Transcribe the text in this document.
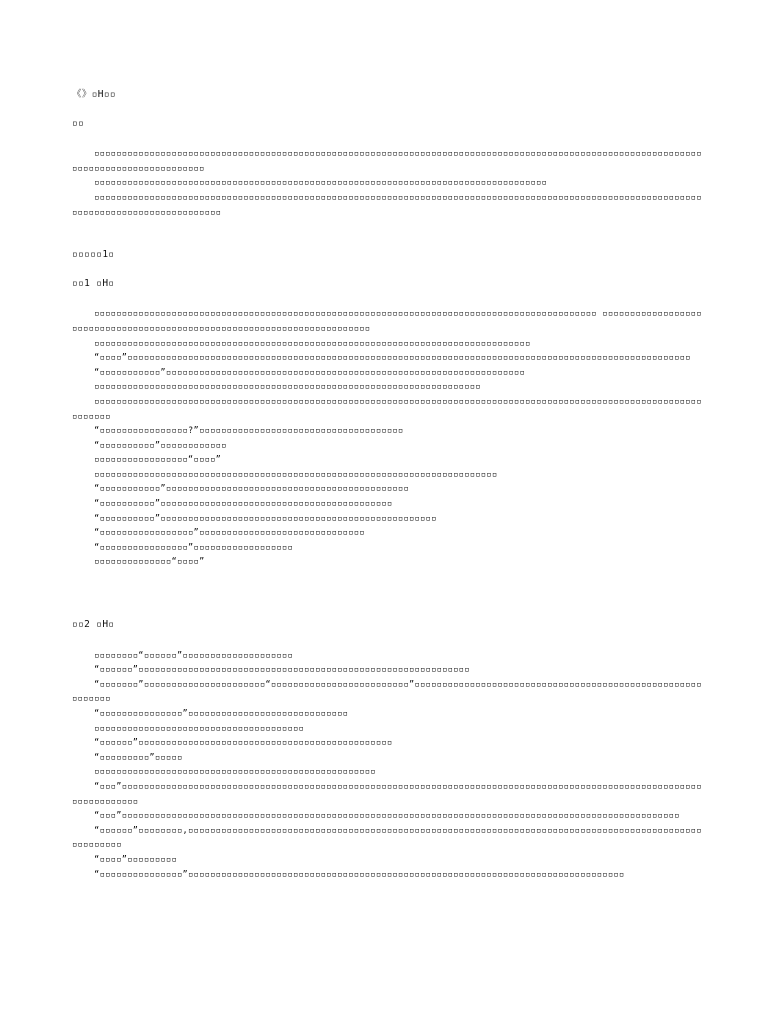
《》▫H▫▫
▫▫

▫▫▫▫▫▫▫▫▫▫▫▫▫▫▫▫▫▫▫▫▫▫▫▫▫▫▫▫▫▫▫▫▫▫▫▫▫▫▫▫▫▫▫▫▫▫▫▫▫▫▫▫▫▫▫▫▫▫▫▫▫▫▫▫▫▫▫▫▫▫▫▫▫▫▫▫▫▫▫▫▫▫▫▫▫▫▫▫▫▫▫▫▫▫▫▫▫▫▫▫▫▫▫▫▫▫▫▫▫▫▫▫▫▫▫▫▫▫▫▫▫▫▫▫▫▫▫▫▫▫▫▫▫▫

▫▫▫▫▫▫▫▫▫▫▫▫▫▫▫▫▫▫▫▫▫▫▫▫▫▫▫▫▫▫▫▫▫▫▫▫▫▫▫▫▫▫▫▫▫▫▫▫▫▫▫▫▫▫▫▫▫▫▫▫▫▫▫▫▫▫▫▫▫▫▫▫▫▫▫▫▫▫▫▫▫▫

▫▫▫▫▫▫▫▫▫▫▫▫▫▫▫▫▫▫▫▫▫▫▫▫▫▫▫▫▫▫▫▫▫▫▫▫▫▫▫▫▫▫▫▫▫▫▫▫▫▫▫▫▫▫▫▫▫▫▫▫▫▫▫▫▫▫▫▫▫▫▫▫▫▫▫▫▫▫▫▫▫▫▫▫▫▫▫▫▫▫▫▫▫▫▫▫▫▫▫▫▫▫▫▫▫▫▫▫▫▫▫▫▫▫▫▫▫▫▫▫▫▫▫▫▫▫▫▫▫▫▫▫▫▫▫▫▫

▫▫▫▫▫1▫
▫▫1 ▫H▫

▫▫▫▫▫▫▫▫▫▫▫▫▫▫▫▫▫▫▫▫▫▫▫▫▫▫▫▫▫▫▫▫▫▫▫▫▫▫▫▫▫▫▫▫▫▫▫▫▫▫▫▫▫▫▫▫▫▫▫▫▫▫▫▫▫▫▫▫▫▫▫▫▫▫▫▫▫▫▫▫▫▫▫▫▫▫▫▫▫▫▫ ▫▫▫▫▫▫▫▫▫▫▫▫▫▫▫▫▫▫▫▫▫▫▫▫▫▫▫▫▫▫▫▫▫▫▫▫▫▫▫▫▫▫▫▫▫▫▫▫▫▫▫▫▫▫▫▫▫▫▫▫▫▫▫▫▫▫▫▫▫▫▫▫

▫▫▫▫▫▫▫▫▫▫▫▫▫▫▫▫▫▫▫▫▫▫▫▫▫▫▫▫▫▫▫▫▫▫▫▫▫▫▫▫▫▫▫▫▫▫▫▫▫▫▫▫▫▫▫▫▫▫▫▫▫▫▫▫▫▫▫▫▫▫▫▫▫▫▫▫▫▫▫

“▫▫▫▫”▫▫▫▫▫▫▫▫▫▫▫▫▫▫▫▫▫▫▫▫▫▫▫▫▫▫▫▫▫▫▫▫▫▫▫▫▫▫▫▫▫▫▫▫▫▫▫▫▫▫▫▫▫▫▫▫▫▫▫▫▫▫▫▫▫▫▫▫▫▫▫▫▫▫▫▫▫▫▫▫▫▫▫▫▫▫▫▫▫▫▫▫▫▫▫▫▫▫▫▫▫▫

“▫▫▫▫▫▫▫▫▫▫▫”▫▫▫▫▫▫▫▫▫▫▫▫▫▫▫▫▫▫▫▫▫▫▫▫▫▫▫▫▫▫▫▫▫▫▫▫▫▫▫▫▫▫▫▫▫▫▫▫▫▫▫▫▫▫▫▫▫▫▫▫▫▫▫▫▫

▫▫▫▫▫▫▫▫▫▫▫▫▫▫▫▫▫▫▫▫▫▫▫▫▫▫▫▫▫▫▫▫▫▫▫▫▫▫▫▫▫▫▫▫▫▫▫▫▫▫▫▫▫▫▫▫▫▫▫▫▫▫▫▫▫▫▫▫▫▫

▫▫▫▫▫▫▫▫▫▫▫▫▫▫▫▫▫▫▫▫▫▫▫▫▫▫▫▫▫▫▫▫▫▫▫▫▫▫▫▫▫▫▫▫▫▫▫▫▫▫▫▫▫▫▫▫▫▫▫▫▫▫▫▫▫▫▫▫▫▫▫▫▫▫▫▫▫▫▫▫▫▫▫▫▫▫▫▫▫▫▫▫▫▫▫▫▫▫▫▫▫▫▫▫▫▫▫▫▫▫▫▫▫▫▫▫▫

“▫▫▫▫▫▫▫▫▫▫▫▫▫▫▫▫?”▫▫▫▫▫▫▫▫▫▫▫▫▫▫▫▫▫▫▫▫▫▫▫▫▫▫▫▫▫▫▫▫▫▫▫▫▫

“▫▫▫▫▫▫▫▫▫▫”▫▫▫▫▫▫▫▫▫▫▫▫

▫▫▫▫▫▫▫▫▫▫▫▫▫▫▫▫▫“▫▫▫▫”

▫▫▫▫▫▫▫▫▫▫▫▫▫▫▫▫▫▫▫▫▫▫▫▫▫▫▫▫▫▫▫▫▫▫▫▫▫▫▫▫▫▫▫▫▫▫▫▫▫▫▫▫▫▫▫▫▫▫▫▫▫▫▫▫▫▫▫▫▫▫▫▫▫

“▫▫▫▫▫▫▫▫▫▫▫”▫▫▫▫▫▫▫▫▫▫▫▫▫▫▫▫▫▫▫▫▫▫▫▫▫▫▫▫▫▫▫▫▫▫▫▫▫▫▫▫▫▫▫▫

“▫▫▫▫▫▫▫▫▫▫”▫▫▫▫▫▫▫▫▫▫▫▫▫▫▫▫▫▫▫▫▫▫▫▫▫▫▫▫▫▫▫▫▫▫▫▫▫▫▫▫▫▫

“▫▫▫▫▫▫▫▫▫▫”▫▫▫▫▫▫▫▫▫▫▫▫▫▫▫▫▫▫▫▫▫▫▫▫▫▫▫▫▫▫▫▫▫▫▫▫▫▫▫▫▫▫▫▫▫▫▫▫▫▫

“▫▫▫▫▫▫▫▫▫▫▫▫▫▫▫▫▫”▫▫▫▫▫▫▫▫▫▫▫▫▫▫▫▫▫▫▫▫▫▫▫▫▫▫▫▫▫▫

“▫▫▫▫▫▫▫▫▫▫▫▫▫▫▫▫”▫▫▫▫▫▫▫▫▫▫▫▫▫▫▫▫▫▫

▫▫▫▫▫▫▫▫▫▫▫▫▫▫“▫▫▫▫”

▫▫2 ▫H▫

▫▫▫▫▫▫▫▫“▫▫▫▫▫▫”▫▫▫▫▫▫▫▫▫▫▫▫▫▫▫▫▫▫▫▫

“▫▫▫▫▫▫”▫▫▫▫▫▫▫▫▫▫▫▫▫▫▫▫▫▫▫▫▫▫▫▫▫▫▫▫▫▫▫▫▫▫▫▫▫▫▫▫▫▫▫▫▫▫▫▫▫▫▫▫▫▫▫▫▫▫▫▫

“▫▫▫▫▫▫▫”▫▫▫▫▫▫▫▫▫▫▫▫▫▫▫▫▫▫▫▫▫▫“▫▫▫▫▫▫▫▫▫▫▫▫▫▫▫▫▫▫▫▫▫▫▫▫▫”▫▫▫▫▫▫▫▫▫▫▫▫▫▫▫▫▫▫▫▫▫▫▫▫▫▫▫▫▫▫▫▫▫▫▫▫▫▫▫▫▫▫▫▫▫▫▫▫▫▫▫▫▫▫▫▫▫▫▫

“▫▫▫▫▫▫▫▫▫▫▫▫▫▫▫”▫▫▫▫▫▫▫▫▫▫▫▫▫▫▫▫▫▫▫▫▫▫▫▫▫▫▫▫▫

▫▫▫▫▫▫▫▫▫▫▫▫▫▫▫▫▫▫▫▫▫▫▫▫▫▫▫▫▫▫▫▫▫▫▫▫▫▫

“▫▫▫▫▫▫”▫▫▫▫▫▫▫▫▫▫▫▫▫▫▫▫▫▫▫▫▫▫▫▫▫▫▫▫▫▫▫▫▫▫▫▫▫▫▫▫▫▫▫▫▫▫

“▫▫▫▫▫▫▫▫▫”▫▫▫▫▫

▫▫▫▫▫▫▫▫▫▫▫▫▫▫▫▫▫▫▫▫▫▫▫▫▫▫▫▫▫▫▫▫▫▫▫▫▫▫▫▫▫▫▫▫▫▫▫▫▫▫▫

“▫▫▫”▫▫▫▫▫▫▫▫▫▫▫▫▫▫▫▫▫▫▫▫▫▫▫▫▫▫▫▫▫▫▫▫▫▫▫▫▫▫▫▫▫▫▫▫▫▫▫▫▫▫▫▫▫▫▫▫▫▫▫▫▫▫▫▫▫▫▫▫▫▫▫▫▫▫▫▫▫▫▫▫▫▫▫▫▫▫▫▫▫▫▫▫▫▫▫▫▫▫▫▫▫▫▫▫▫▫▫▫▫▫▫▫▫▫▫▫▫

“▫▫▫”▫▫▫▫▫▫▫▫▫▫▫▫▫▫▫▫▫▫▫▫▫▫▫▫▫▫▫▫▫▫▫▫▫▫▫▫▫▫▫▫▫▫▫▫▫▫▫▫▫▫▫▫▫▫▫▫▫▫▫▫▫▫▫▫▫▫▫▫▫▫▫▫▫▫▫▫▫▫▫▫▫▫▫▫▫▫▫▫▫▫▫▫▫▫▫▫▫▫▫▫▫

“▫▫▫▫▫▫”▫▫▫▫▫▫▫▫,▫▫▫▫▫▫▫▫▫▫▫▫▫▫▫▫▫▫▫▫▫▫▫▫▫▫▫▫▫▫▫▫▫▫▫▫▫▫▫▫▫▫▫▫▫▫▫▫▫▫▫▫▫▫▫▫▫▫▫▫▫▫▫▫▫▫▫▫▫▫▫▫▫▫▫▫▫▫▫▫▫▫▫▫▫▫▫▫▫▫▫▫▫▫▫▫▫▫▫▫▫▫

“▫▫▫▫”▫▫▫▫▫▫▫▫▫

“▫▫▫▫▫▫▫▫▫▫▫▫▫▫▫”▫▫▫▫▫▫▫▫▫▫▫▫▫▫▫▫▫▫▫▫▫▫▫▫▫▫▫▫▫▫▫▫▫▫▫▫▫▫▫▫▫▫▫▫▫▫▫▫▫▫▫▫▫▫▫▫▫▫▫▫▫▫▫▫▫▫▫▫▫▫▫▫▫▫▫▫▫▫▫
